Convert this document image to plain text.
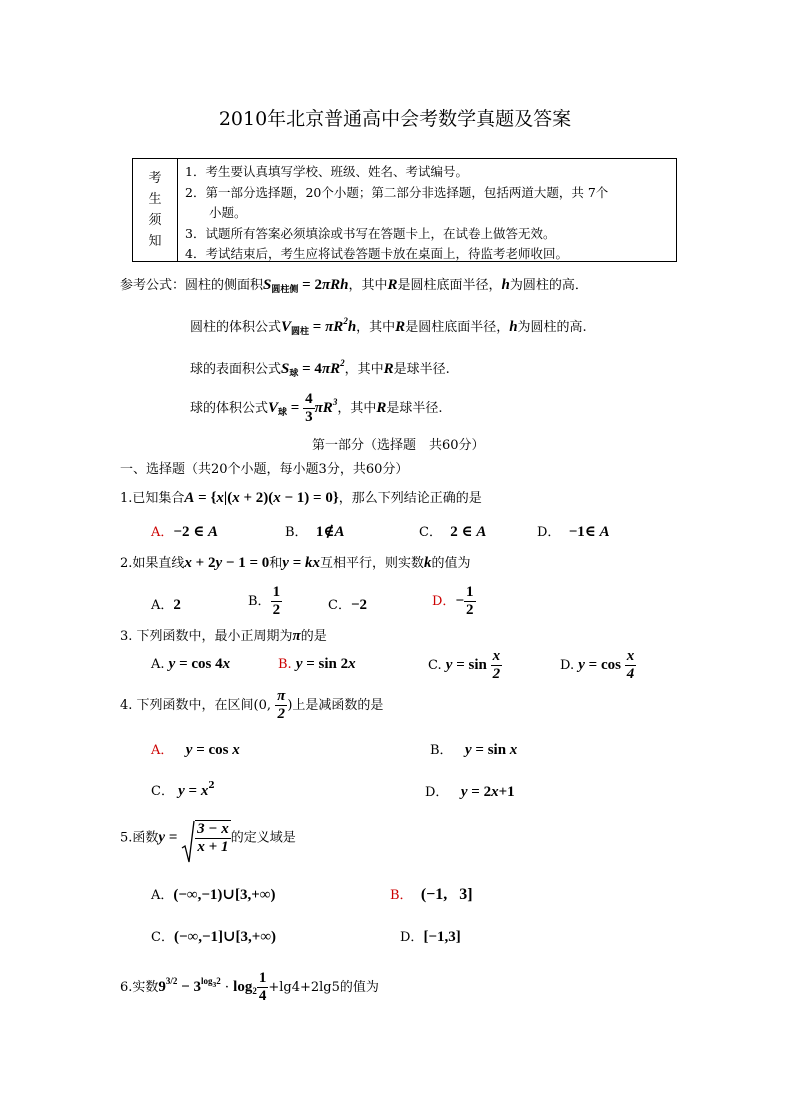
2010年北京普通高中会考数学真题及答案
考
生
须
知
1．考生要认真填写学校、班级、姓名、考试编号。
2．第一部分选择题，20个小题；第二部分非选择题，包括两道大题，共 7个
小题。
3．试题所有答案必须填涂或书写在答题卡上，在试卷上做答无效。
4．考试结束后，考生应将试卷答题卡放在桌面上，待监考老师收回。
参考公式：圆柱的侧面积$S_{圆柱侧} = 2\pi Rh$，其中R是圆柱底面半径，h为圆柱的高．
圆柱的体积公式$V_{圆柱} = \pi R^2h$，其中R是圆柱底面半径，h为圆柱的高.
球的表面积公式$S_球 = 4\pi R^2$，其中R是球半径.
球的体积公式$V_球 = \frac{4}{3} \pi R^3$，其中R是球半径.
第一部分（选择题　共60分）
一、选择题（共20个小题，每小题3分，共60分）
1.已知集合A = {x|(x + 2)(x − 1) = 0}，那么下列结论正确的是
A．−2 ∈ A	B． 1∉A	C． 2 ∈ A	D． −1∈ A
2.如果直线x + 2y − 1 = 0和y = kx互相平行，则实数k的值为
A．2	B． $\frac{1}{2}$	C．−2	D．− $\frac{1}{2}$
3. 下列函数中，最小正周期为π的是
A. y = cos 4x	B. y = sin 2x	C. $y = \sin \frac{x}{2}$	D. $y = \cos \frac{x}{4}$
4. 下列函数中，在区间(0, $\frac{\pi}{2}$ )上是减函数的是
A． y = cos x	B． y = sin x
C． $y = x^2$	D． y = 2x+1
5.函数$y = \frac{3 - x}{x + 1}$ 的定义域是
A．(−∞,−1)∪[3,+∞)	B． (−1,   3]
C．(−∞,−1]∪[3,+∞)	D．[−1,3]
6.实数$9^{3/2} - 3^{log_32} \cdot \log_2 \frac{1}{4} +\lg 4+2\lg 5$的值为
